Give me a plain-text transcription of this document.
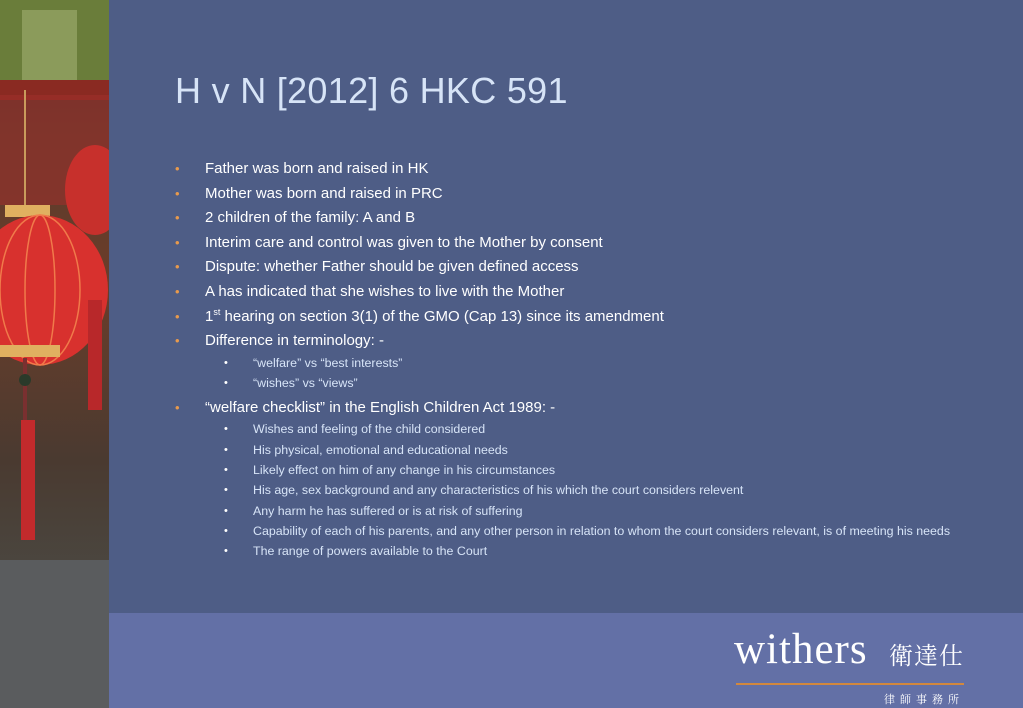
H v N [2012] 6 HKC 591
• Father was born and raised in HK
• Mother was born and raised in PRC
• 2 children of the family: A and B
• Interim care and control was given to the Mother by consent
• Dispute: whether Father should be given defined access
• A has indicated that she wishes to live with the Mother
• 1st hearing on section 3(1) of the GMO (Cap 13) since its amendment
• Difference in terminology: -
• “welfare” vs “best interests”
• “wishes” vs “views”
• “welfare checklist” in the English Children Act 1989: -
• Wishes and feeling of the child considered
• His physical, emotional and educational needs
• Likely effect on him of any change in his circumstances
• His age, sex background and any characteristics of his which the court considers relevent
• Any harm he has suffered or is at risk of suffering
• Capability of each of his parents, and any other person in relation to whom the court considers relevant, is of meeting his needs
• The range of powers available to the Court
withers 衛達仕
律師事務所
